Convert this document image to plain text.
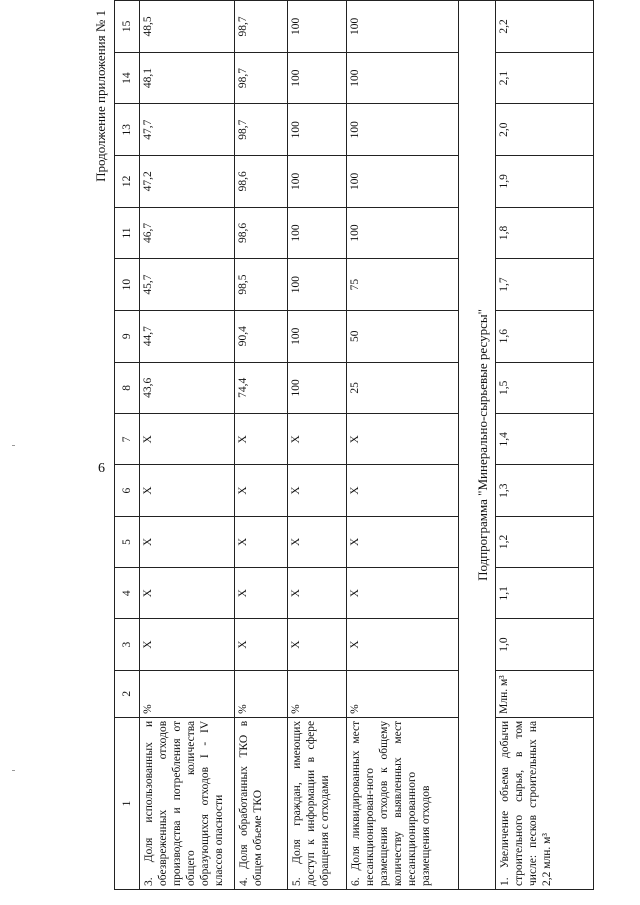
6
Продолжение приложения № 1
1	2	3	4	5	6	7	8	9	10	11	12	13	14	15
3. Доля использованных и обезвреженных отходов производства и потребления от общего количества образующихся отходов I - IV классов опасности	%	X	X	X	X	X	43,6	44,7	45,7	46,7	47,2	47,7	48,1	48,5
4. Доля обработанных ТКО в общем объеме ТКО	%	X	X	X	X	X	74,4	90,4	98,5	98,6	98,6	98,7	98,7	98,7
5. Доля граждан, имеющих доступ к информации в сфере обращения с отходами	%	X	X	X	X	X	100	100	100	100	100	100	100	100
6. Доля ликвидированных мест несанкционирован-ного размещения отходов к общему количеству выявленных мест несанкционированного размещения отходов	%	X	X	X	X	X	25	50	75	100	100	100	100	100
Подпрограмма "Минерально-сырьевые ресурсы"														
1. Увеличение объема добычи строительного сырья, в том числе: песков строительных на 2,2 млн. м³	Млн. м³	1,0	1,1	1,2	1,3	1,4	1,5	1,6	1,7	1,8	1,9	2,0	2,1	2,2
